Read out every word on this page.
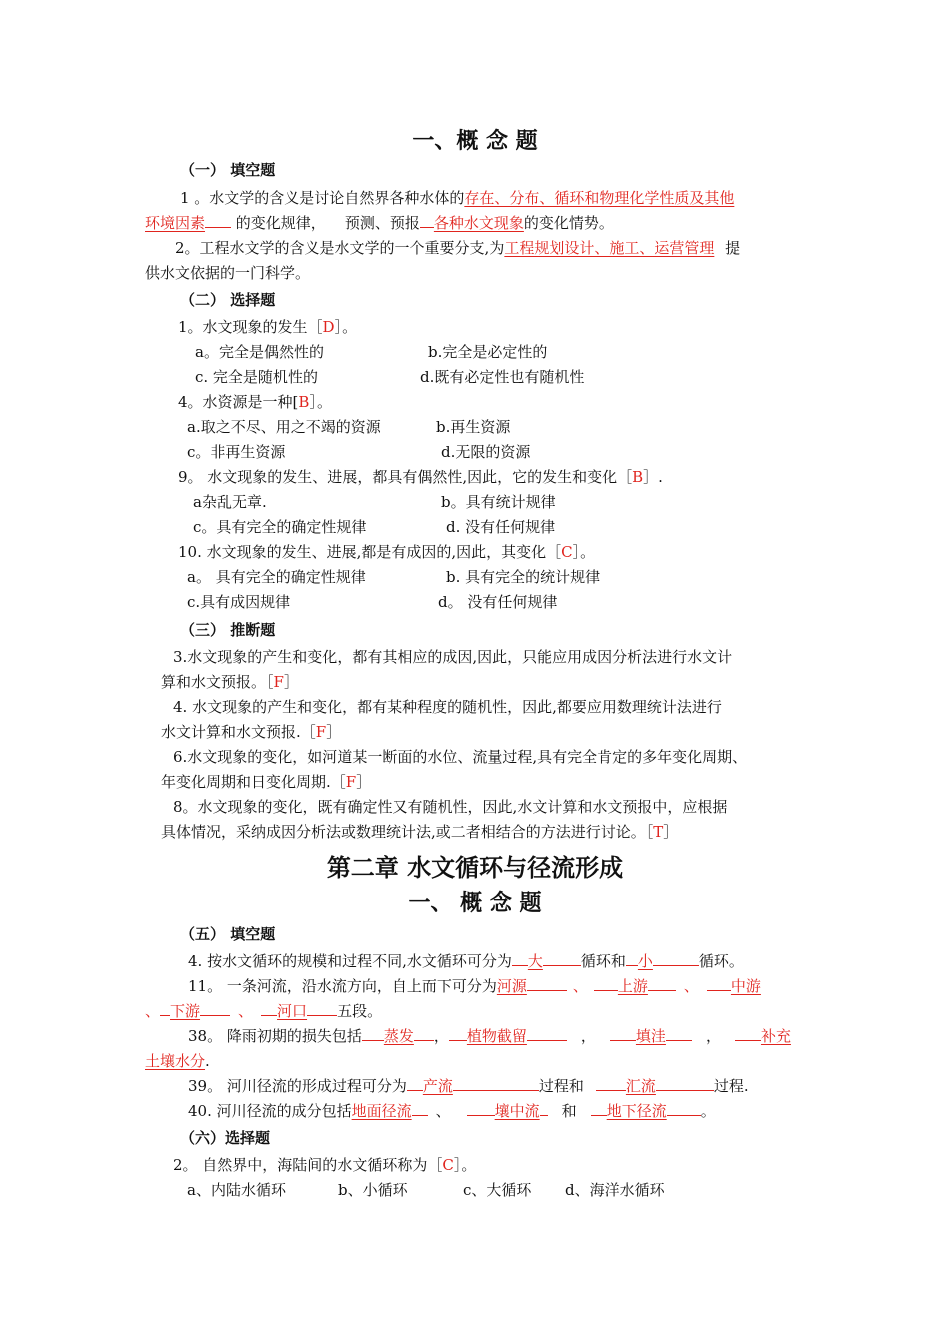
一、概 念 题
（一） 填空题
1 。水文学的含义是讨论自然界各种水体的存在、分布、循环和物理化学性质及其他
环境因素 的变化规律，    预测、预报 各种水文现象的变化情势。
2。工程水文学的含义是水文学的一个重要分支,为工程规划设计、施工、运营管理 提
供水文依据的一门科学。
（二） 选择题
1。水文现象的发生［D］。
a。完全是偶然性的	b.完全是必定性的
c. 完全是随机性的	d.既有必定性也有随机性
4。水资源是一种[B］。
a.取之不尽、用之不竭的资源	b.再生资源
c。非再生资源	d.无限的资源
9。 水文现象的发生、进展，都具有偶然性,因此，它的发生和变化［B］.
a杂乱无章.	b。具有统计规律
c。具有完全的确定性规律	d. 没有任何规律
10. 水文现象的发生、进展,都是有成因的,因此，其变化［C］。
a。 具有完全的确定性规律	b. 具有完全的统计规律
c.具有成因规律	d。 没有任何规律
（三） 推断题
3.水文现象的产生和变化，都有其相应的成因,因此，只能应用成因分析法进行水文计
算和水文预报。［F］
4. 水文现象的产生和变化，都有某种程度的随机性，因此,都要应用数理统计法进行
水文计算和水文预报.［F］
6.水文现象的变化，如河道某一断面的水位、流量过程,具有完全肯定的多年变化周期、
年变化周期和日变化周期.［F］
8。水文现象的变化，既有确定性又有随机性，因此,水文计算和水文预报中，应根据
具体情况，采纳成因分析法或数理统计法,或二者相结合的方法进行讨论。［T］
第二章 水文循环与径流形成
一、 概 念 题
（五） 填空题
4. 按水文循环的规模和过程不同,水文循环可分为 大	循环和 小	循环。
11。 一条河流，沿水流方向，自上而下可分为河源	、 上游 、 中游
、 下游	、 河口 五段。
38。 降雨初期的损失包括 蒸发 ， 植物截留	，	填洼	，	补充
土壤水分.
39。 河川径流的形成过程可分为 产流	过程和	汇流	过程.
40. 河川径流的成分包括地面径流 、	壤中流 和 地下径流 。
（六）选择题
2。 自然界中，海陆间的水文循环称为［C］。
a、内陆水循环	b、小循环	c、大循环 d、海洋水循环
